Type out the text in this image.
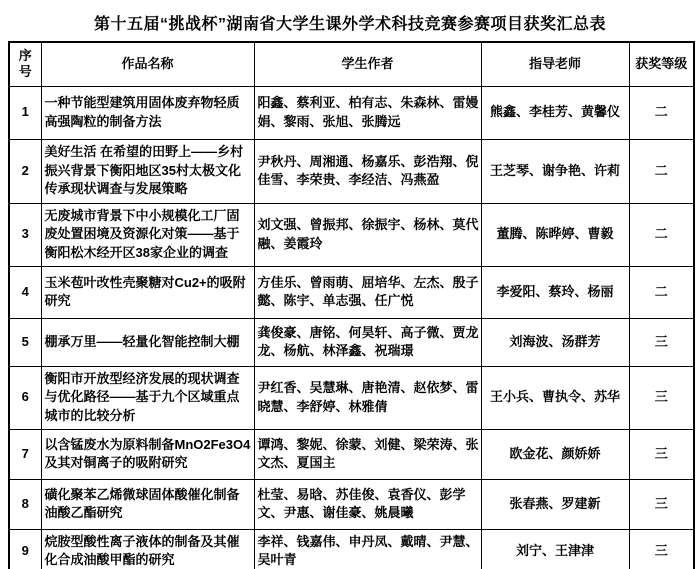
第十五届“挑战杯”湖南省大学生课外学术科技竞赛参赛项目获奖汇总表
序号	作品名称	学生作者	指导老师	获奖等级
1	一种节能型建筑用固体废弃物轻质高强陶粒的制备方法	阳鑫、蔡利亚、柏有志、朱森林、雷嫚娟、黎雨、张旭、张腾远	熊鑫、李桂芳、黄馨仪	二
2	美好生活 在希望的田野上——乡村振兴背景下衡阳地区35村太极文化传承现状调查与发展策略	尹秋丹、周湘通、杨嘉乐、彭浩翔、倪佳雪、李荣贵、李经洁、冯燕盈	王芝琴、谢争艳、许莉	二
3	无废城市背景下中小规模化工厂固废处置困境及资源化对策——基于衡阳松木经开区38家企业的调查	刘文强、曾振邦、徐振宇、杨林、莫代融、姜霞玲	董腾、陈晔婷、曹毅	二
4	玉米苞叶改性壳聚糖对Cu2+的吸附研究	方佳乐、曾雨萌、屈培华、左杰、殷子懿、陈宇、单志强、任广悦	李爱阳、蔡玲、杨丽	二
5	棚承万里——轻量化智能控制大棚	龚俊豪、唐铭、何昊轩、高子微、贾龙龙、杨航、林泽鑫、祝瑞璟	刘海波、汤群芳	三
6	衡阳市开放型经济发展的现状调查与优化路径——基于九个区域重点城市的比较分析	尹红香、吴慧琳、唐艳清、赵依梦、雷晓慧、李舒婷、林雅倩	王小兵、曹执令、苏华	三
7	以含锰废水为原料制备MnO2Fe3O4及其对铜离子的吸附研究	谭鸿、黎妮、徐蒙、刘健、梁荣涛、张文杰、夏国主	欧金花、颜娇娇	三
8	磺化聚苯乙烯微球固体酸催化制备油酸乙酯研究	杜莹、易晗、苏佳俊、袁香仪、彭学文、尹惠、谢佳豪、姚晨曦	张春燕、罗建新	三
9	烷胺型酸性离子液体的制备及其催化合成油酸甲酯的研究	李祥、钱嘉伟、申丹凤、戴晴、尹慧、吴叶青	刘宁、王津津	三
